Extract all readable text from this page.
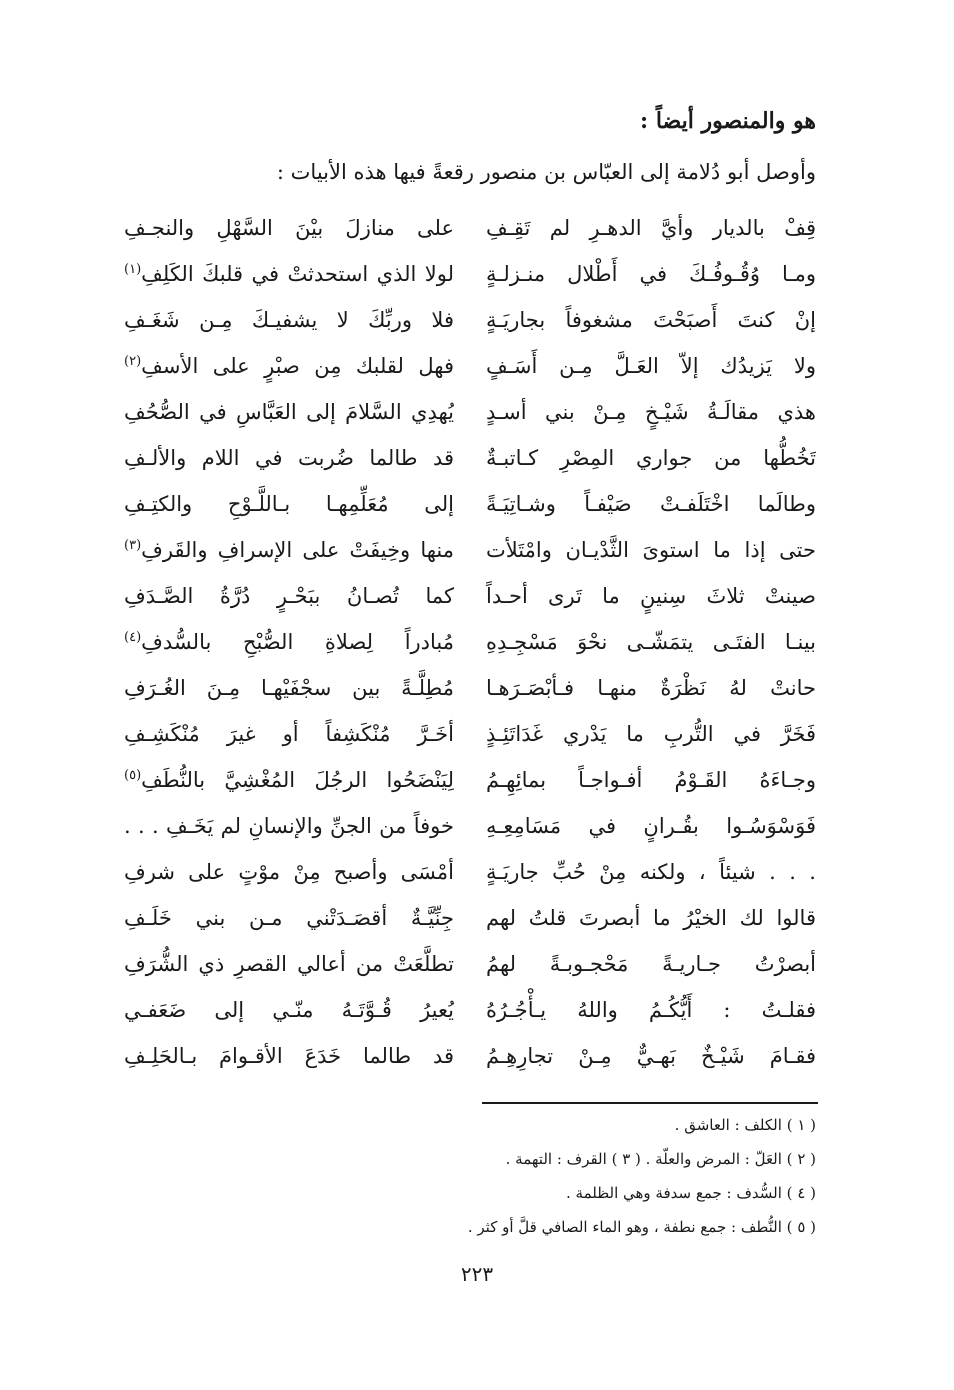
هو والمنصور أيضاً :
وأوصل أبو دُلامة إلى العبّاس بن منصور رقعةً فيها هذه الأبيات :
قِفْ بالديار وأيَّ الدهـرِ لم تَقِـفِ
ومـا وُقُـوفُـكَ في أَطْلال منـزلـةٍ
إنْ كنتَ أَصبَحْتَ مشغوفاً بجاريَـةٍ
ولا يَزيدُك إلاّ العَـلَّ مِـن أَسَـفٍ
هذي مقالَـةُ شَيْـخٍ مِـنْ بني أسـدٍ
تَخُطُّها من جواري المِصْرِ كـاتبـةٌ
وطالَما اخْتَلَفـتْ صَيْفـاً وشـاتِيَـةً
حتى إذا ما استوىَ الثَّدْيـان وامْتَلأت
صينتْ ثلاثَ سِنينٍ ما تَرى أحـداً
بينـا الفتَـى يتمَشّـى نحْوَ مَسْجِـدِهِ
حانتْ لهُ نَظْرَةٌ منهـا فـأبْصَـرَهـا
فَخَرَّ في التُّربِ ما يَدْري غَدَاتَئِـذٍ
وجـاءَهُ القَـوْمُ أفـواجـاً بمائِهِـمُ
فَوَسْوَسُـوا بقُـرانٍ في مَسَامِعِـهِ
. . . شيئاً ، ولكنه مِنْ حُبِّ جاريَـةٍ
قالوا لك الخيْرُ ما أبصرتَ قلتُ لهم
أبصرْتُ جـاريـةً مَحْجـوبـةً لهمُ
فقلـتُ : أَيُّكُـمُ واللهُ يـأْجُـرُهُ
فقـامَ شَيْـخٌ بَهـيٌّ مِـنْ تجارِهِـمُ
على منازلَ بيْنَ السَّهْلِ والنجـفِ
لولا الذي استحدثتْ في قلبكَ الكَلِفِ$^{(١)}$
فلا وربِّكَ لا يشفيـكَ مِـن شَغَـفِ
فهل لقلبك مِن صبْرٍ على الأسفِ$^{(٢)}$
يُهدِي السَّلامَ إلى العَبَّاسِ في الصُّحُفِ
قد طالما ضُربت في اللام والألـفِ
إلى مُعَلِّمِهـا بـاللَّـوْحِ والكتِـفِ
منها وخِيفَتْ على الإسرافِ والقَرفِ$^{(٣)}$
كما تُصـانُ ببَحْـرٍ دُرَّةُ الصَّـدَفِ
مُبادراً لِصلاةِ الصُّبْحِ بالسُّدفِ$^{(٤)}$
مُطِلَّـةً بين سجْفَيْهـا مِـنَ الغُـرَفِ
أخَـرَّ مُنْكَشِفاً أو غيرَ مُنْكَشِـفِ
لِيَنْضَحُوا الرجُلَ المُغْشِيَّ بالنُّطَفِ$^{(٥)}$
خوفاً من الجنِّ والإنسانِ لم يَخَـفِ . . .
أمْسَى وأصبح مِنْ موْتٍ على شرفِ
جِنِّيَّـةٌ أقصَـدَتْني مـن بني خَلَـفِ
تطلَّعَتْ من أعالي القصرِ ذي الشُّرَفِ
يُعيرُ قُـوَّتَـهُ منّـي إلى ضَعَفـي
قد طالما خَدَعَ الأقـوامَ بـالحَلِـفِ
( ١ ) الكلف : العاشق .
( ٢ ) العَلّ : المرض والعلّة . ( ٣ ) القرف : التهمة .
( ٤ ) السُّدف : جمع سدفة وهي الظلمة .
( ٥ ) النُّطف : جمع نطفة ، وهو الماء الصافي قلَّ أو كثر .
٢٢٣
